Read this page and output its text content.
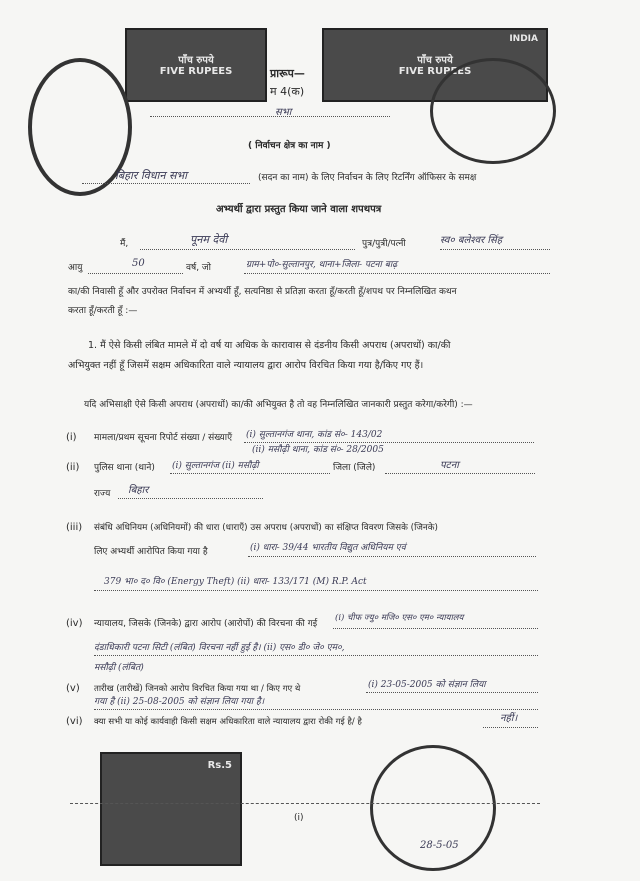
पाँच रुपये
FIVE RUPEES
INDIA
पाँच रुपये
FIVE RUPEES
प्रारूप—
म 4(क)
सभा
( निर्वाचन क्षेत्र का नाम )
बिहार विधान सभा	(सदन का नाम) के लिए निर्वाचन के लिए रिटर्निंग ऑफिसर के समक्ष
अभ्यर्थी द्वारा प्रस्तुत किया जाने वाला शपथपत्र
मैं,	पूनम देवी	पुत्र/पुत्री/पत्नी	स्व० बलेश्वर सिंह
आयु	50	वर्ष, जो	ग्राम+पो०-सुल्तानपुर, थाना+जिला- पटना बाढ़
का/की निवासी हूँ और उपरोक्त निर्वाचन में अभ्यर्थी हूँ, सत्यनिष्ठा से प्रतिज्ञा करता हूँ/करती हूँ/शपथ पर निम्नलिखित कथन
करता हूँ/करती हूँ :—
1. मैं ऐसे किसी लंबित मामले में दो वर्ष या अधिक के कारावास से दंडनीय किसी अपराध (अपराधों) का/की
अभियुक्त नहीं हूँ जिसमें सक्षम अधिकारिता वाले न्यायालय द्वारा आरोप विरचित किया गया है/किए गए हैं।
यदि अभिसाक्षी ऐसे किसी अपराध (अपराधों) का/की अभियुक्त है तो वह निम्नलिखित जानकारी प्रस्तुत करेगा/करेगी) :—
(i) मामला/प्रथम सूचना रिपोर्ट संख्या / संख्याएँ (i) सुल्तानगंज थाना, कांड सं०- 143/02
(ii) मसौढ़ी थाना, कांड सं०- 28/2005
(ii) पुलिस थाना (थाने) (i) सुल्तानगंज (ii) मसौढ़ी	जिला (जिले)	पटना
राज्य बिहार
(iii) संबंधि अधिनियम (अधिनियमों) की धारा (धाराएँ) उस अपराध (अपराधों) का संक्षिप्त विवरण जिसके (जिनके)
लिए अभ्यर्थी आरोपित किया गया है	(i) धारा- 39/44 भारतीय विद्युत अधिनियम एवं
379 भा० द० वि० (Energy Theft) (ii) धारा- 133/171 (M) R.P. Act
(iv) न्यायालय, जिसके (जिनके) द्वारा आरोप (आरोपों) की विरचना की गई
(i) चीफ ज्यु० मजि० एस० एम० न्यायालय
दंडाधिकारी पटना सिटी (लंबित) विरचना नहीं हुई है। (ii) एस० डी० जे० एम०,
मसौढ़ी (लंबित)
(v) तारीख (तारीखें) जिनको आरोप विरचित किया गया था / किए गए थे	(i) 23-05-2005 को संज्ञान लिया
गया है (ii) 25-08-2005 को संज्ञान लिया गया है।
(vi) क्या सभी या कोई कार्यवाही किसी सक्षम अधिकारिता वाले न्यायालय द्वारा रोकी गई है/ है	नहीं।
Rs.5
(i)
28-5-05
